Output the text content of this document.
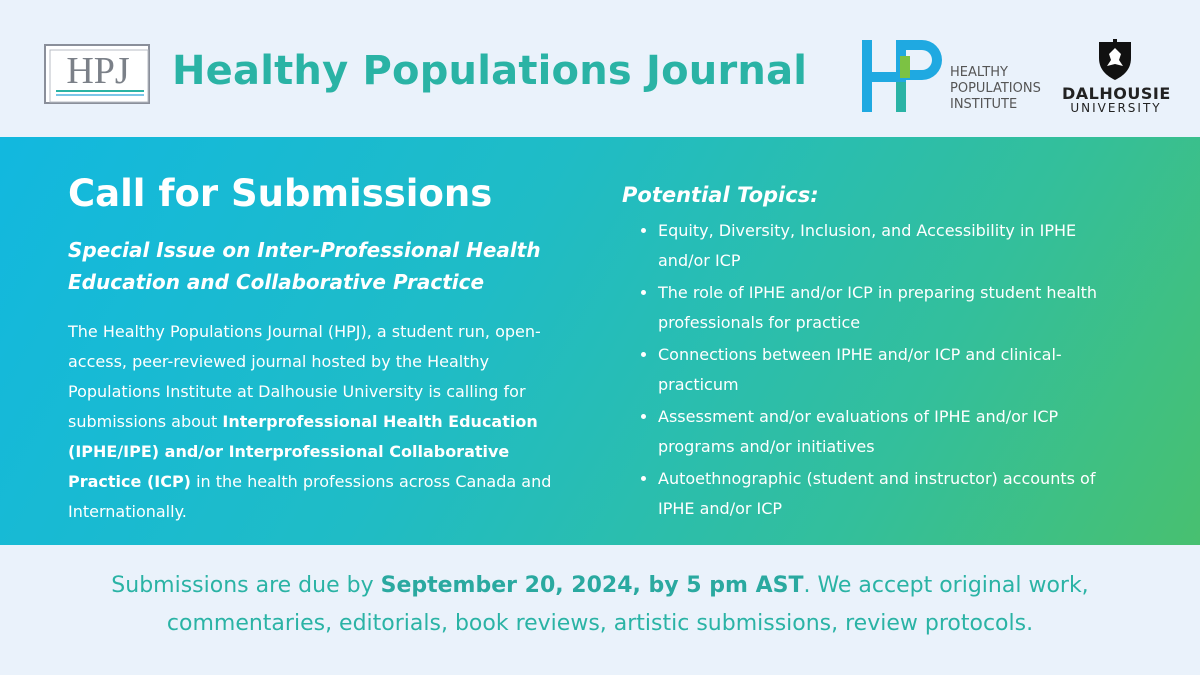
HPJ Healthy Populations Journal	HEALTHY
POPULATIONS
INSTITUTE
DALHOUSIE
UNIVERSITY
Call for Submissions
Special Issue on Inter-Professional Health Education and Collaborative Practice
The Healthy Populations Journal (HPJ), a student run, open-access, peer-reviewed journal hosted by the Healthy Populations Institute at Dalhousie University is calling for submissions about Interprofessional Health Education (IPHE/IPE) and/or Interprofessional Collaborative Practice (ICP) in the health professions across Canada and Internationally.
Potential Topics:
• Equity, Diversity, Inclusion, and Accessibility in IPHE and/or ICP
• The role of IPHE and/or ICP in preparing student health professionals for practice
• Connections between IPHE and/or ICP and clinical-practicum
• Assessment and/or evaluations of IPHE and/or ICP programs and/or initiatives
• Autoethnographic (student and instructor) accounts of IPHE and/or ICP
Submissions are due by September 20, 2024, by 5 pm AST. We accept original work, commentaries, editorials, book reviews, artistic submissions, review protocols.
